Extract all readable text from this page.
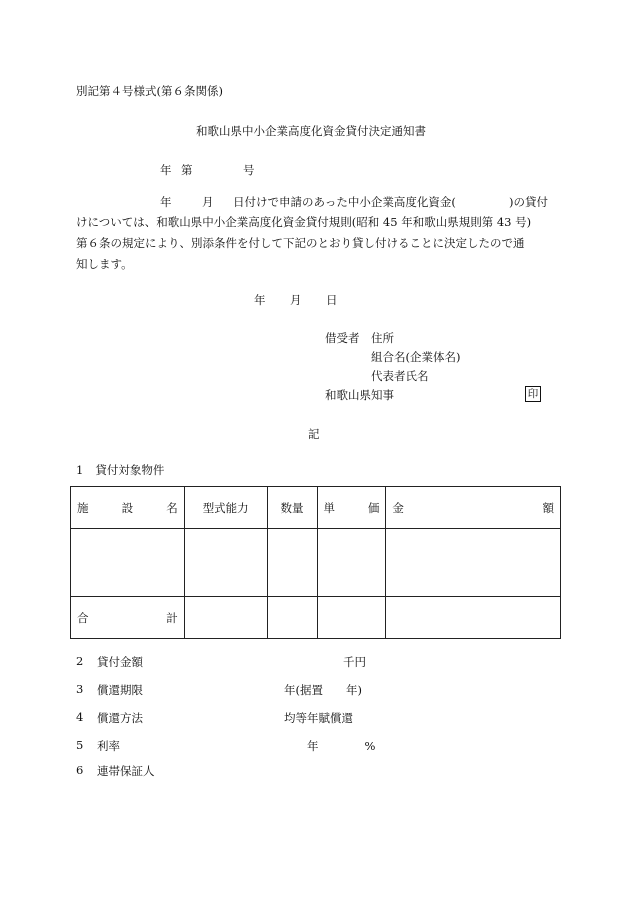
別記第４号様式(第６条関係)
和歌山県中小企業高度化資金貸付決定通知書
年 第	号
年	月 日付けで申請のあった中小企業高度化資金(	)の貸付
けについては、和歌山県中小企業高度化資金貸付規則(昭和 45 年和歌山県規則第 43 号)
第６条の規定により、別添条件を付して下記のとおり貸し付けることに決定したので通
知します。
年 月 日
借受者 住所
組合名(企業体名)
代表者氏名
和歌山県知事	印
記
1 貸付対象物件
施 設 名	型式能力	数量	単 価	金 額

合 計				

2 貸付金額	千円
3 償還期限	年(据置　　年)
4 償還方法	均等年賦償還
5 利率	年　　　　%
6 連帯保証人
